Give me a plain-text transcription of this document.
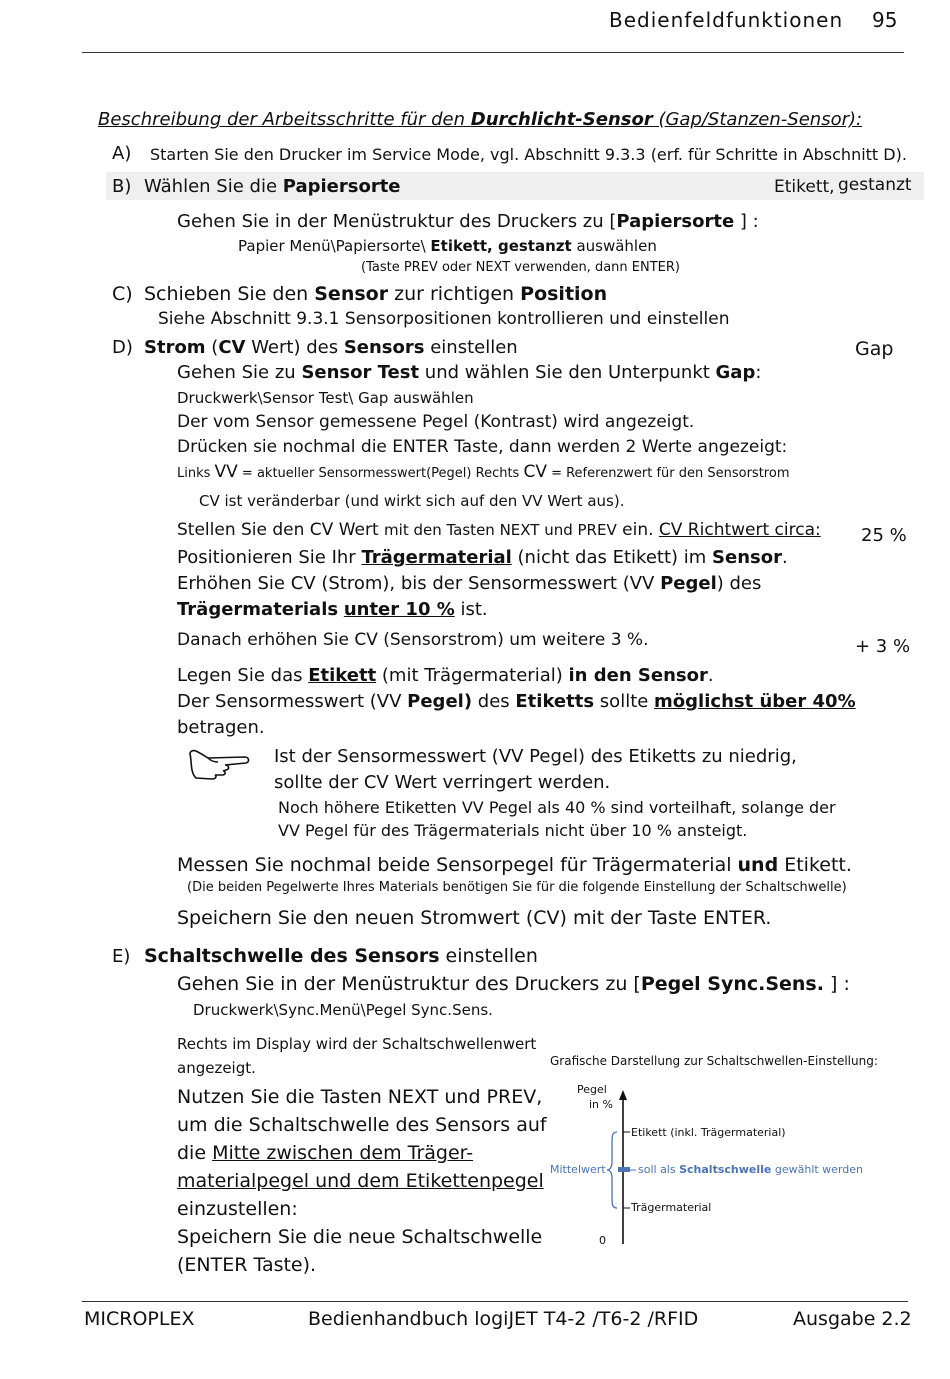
Bedienfeldfunktionen 95
Beschreibung der Arbeitsschritte für den Durchlicht-Sensor (Gap/Stanzen-Sensor):
A) Starten Sie den Drucker im Service Mode, vgl. Abschnitt 9.3.3 (erf. für Schritte in Abschnitt D).
B) Wählen Sie die Papiersorte	Etikett, gestanzt
Gehen Sie in der Menüstruktur des Druckers zu [Papiersorte ] :
Papier Menü\Papiersorte\ Etikett, gestanzt auswählen
(Taste PREV oder NEXT verwenden, dann ENTER)
C) Schieben Sie den Sensor zur richtigen Position
Siehe Abschnitt 9.3.1 Sensorpositionen kontrollieren und einstellen
D) Strom (CV Wert) des Sensors einstellen	Gap
Gehen Sie zu Sensor Test und wählen Sie den Unterpunkt Gap:
Druckwerk\Sensor Test\ Gap auswählen
Der vom Sensor gemessene Pegel (Kontrast) wird angezeigt.
Drücken sie nochmal die ENTER Taste, dann werden 2 Werte angezeigt:
Links VV = aktueller Sensormesswert(Pegel) Rechts CV = Referenzwert für den Sensorstrom
CV ist veränderbar (und wirkt sich auf den VV Wert aus).
Stellen Sie den CV Wert mit den Tasten NEXT und PREV ein. CV Richtwert circa: 25 %
Positionieren Sie Ihr Trägermaterial (nicht das Etikett) im Sensor.
Erhöhen Sie CV (Strom), bis der Sensormesswert (VV Pegel) des
Trägermaterials unter 10 % ist.
Danach erhöhen Sie CV (Sensorstrom) um weitere 3 %.	+ 3 %
Legen Sie das Etikett (mit Trägermaterial) in den Sensor.
Der Sensormesswert (VV Pegel) des Etiketts sollte möglichst über 40%
betragen.
Ist der Sensormesswert (VV Pegel) des Etiketts zu niedrig,
sollte der CV Wert verringert werden.
Noch höhere Etiketten VV Pegel als 40 % sind vorteilhaft, solange der
VV Pegel für des Trägermaterials nicht über 10 % ansteigt.
Messen Sie nochmal beide Sensorpegel für Trägermaterial und Etikett.
(Die beiden Pegelwerte Ihres Materials benötigen Sie für die folgende Einstellung der Schaltschwelle)
Speichern Sie den neuen Stromwert (CV) mit der Taste ENTER.
E) Schaltschwelle des Sensors einstellen
Gehen Sie in der Menüstruktur des Druckers zu [Pegel Sync.Sens. ] :
Druckwerk\Sync.Menü\Pegel Sync.Sens.
Rechts im Display wird der Schaltschwellenwert
angezeigt.
Nutzen Sie die Tasten NEXT und PREV,
um die Schaltschwelle des Sensors auf
die Mitte zwischen dem Träger-
materialpegel und dem Etikettenpegel
einzustellen:
Speichern Sie die neue Schaltschwelle
(ENTER Taste).
Grafische Darstellung zur Schaltschwellen-Einstellung:
Pegel
in %
Etikett (inkl. Trägermaterial)
Mittelwert	soll als Schaltschwelle gewählt werden
Trägermaterial
0
MICROPLEX	Bedienhandbuch logiJET T4-2 /T6-2 /RFID	Ausgabe 2.2
